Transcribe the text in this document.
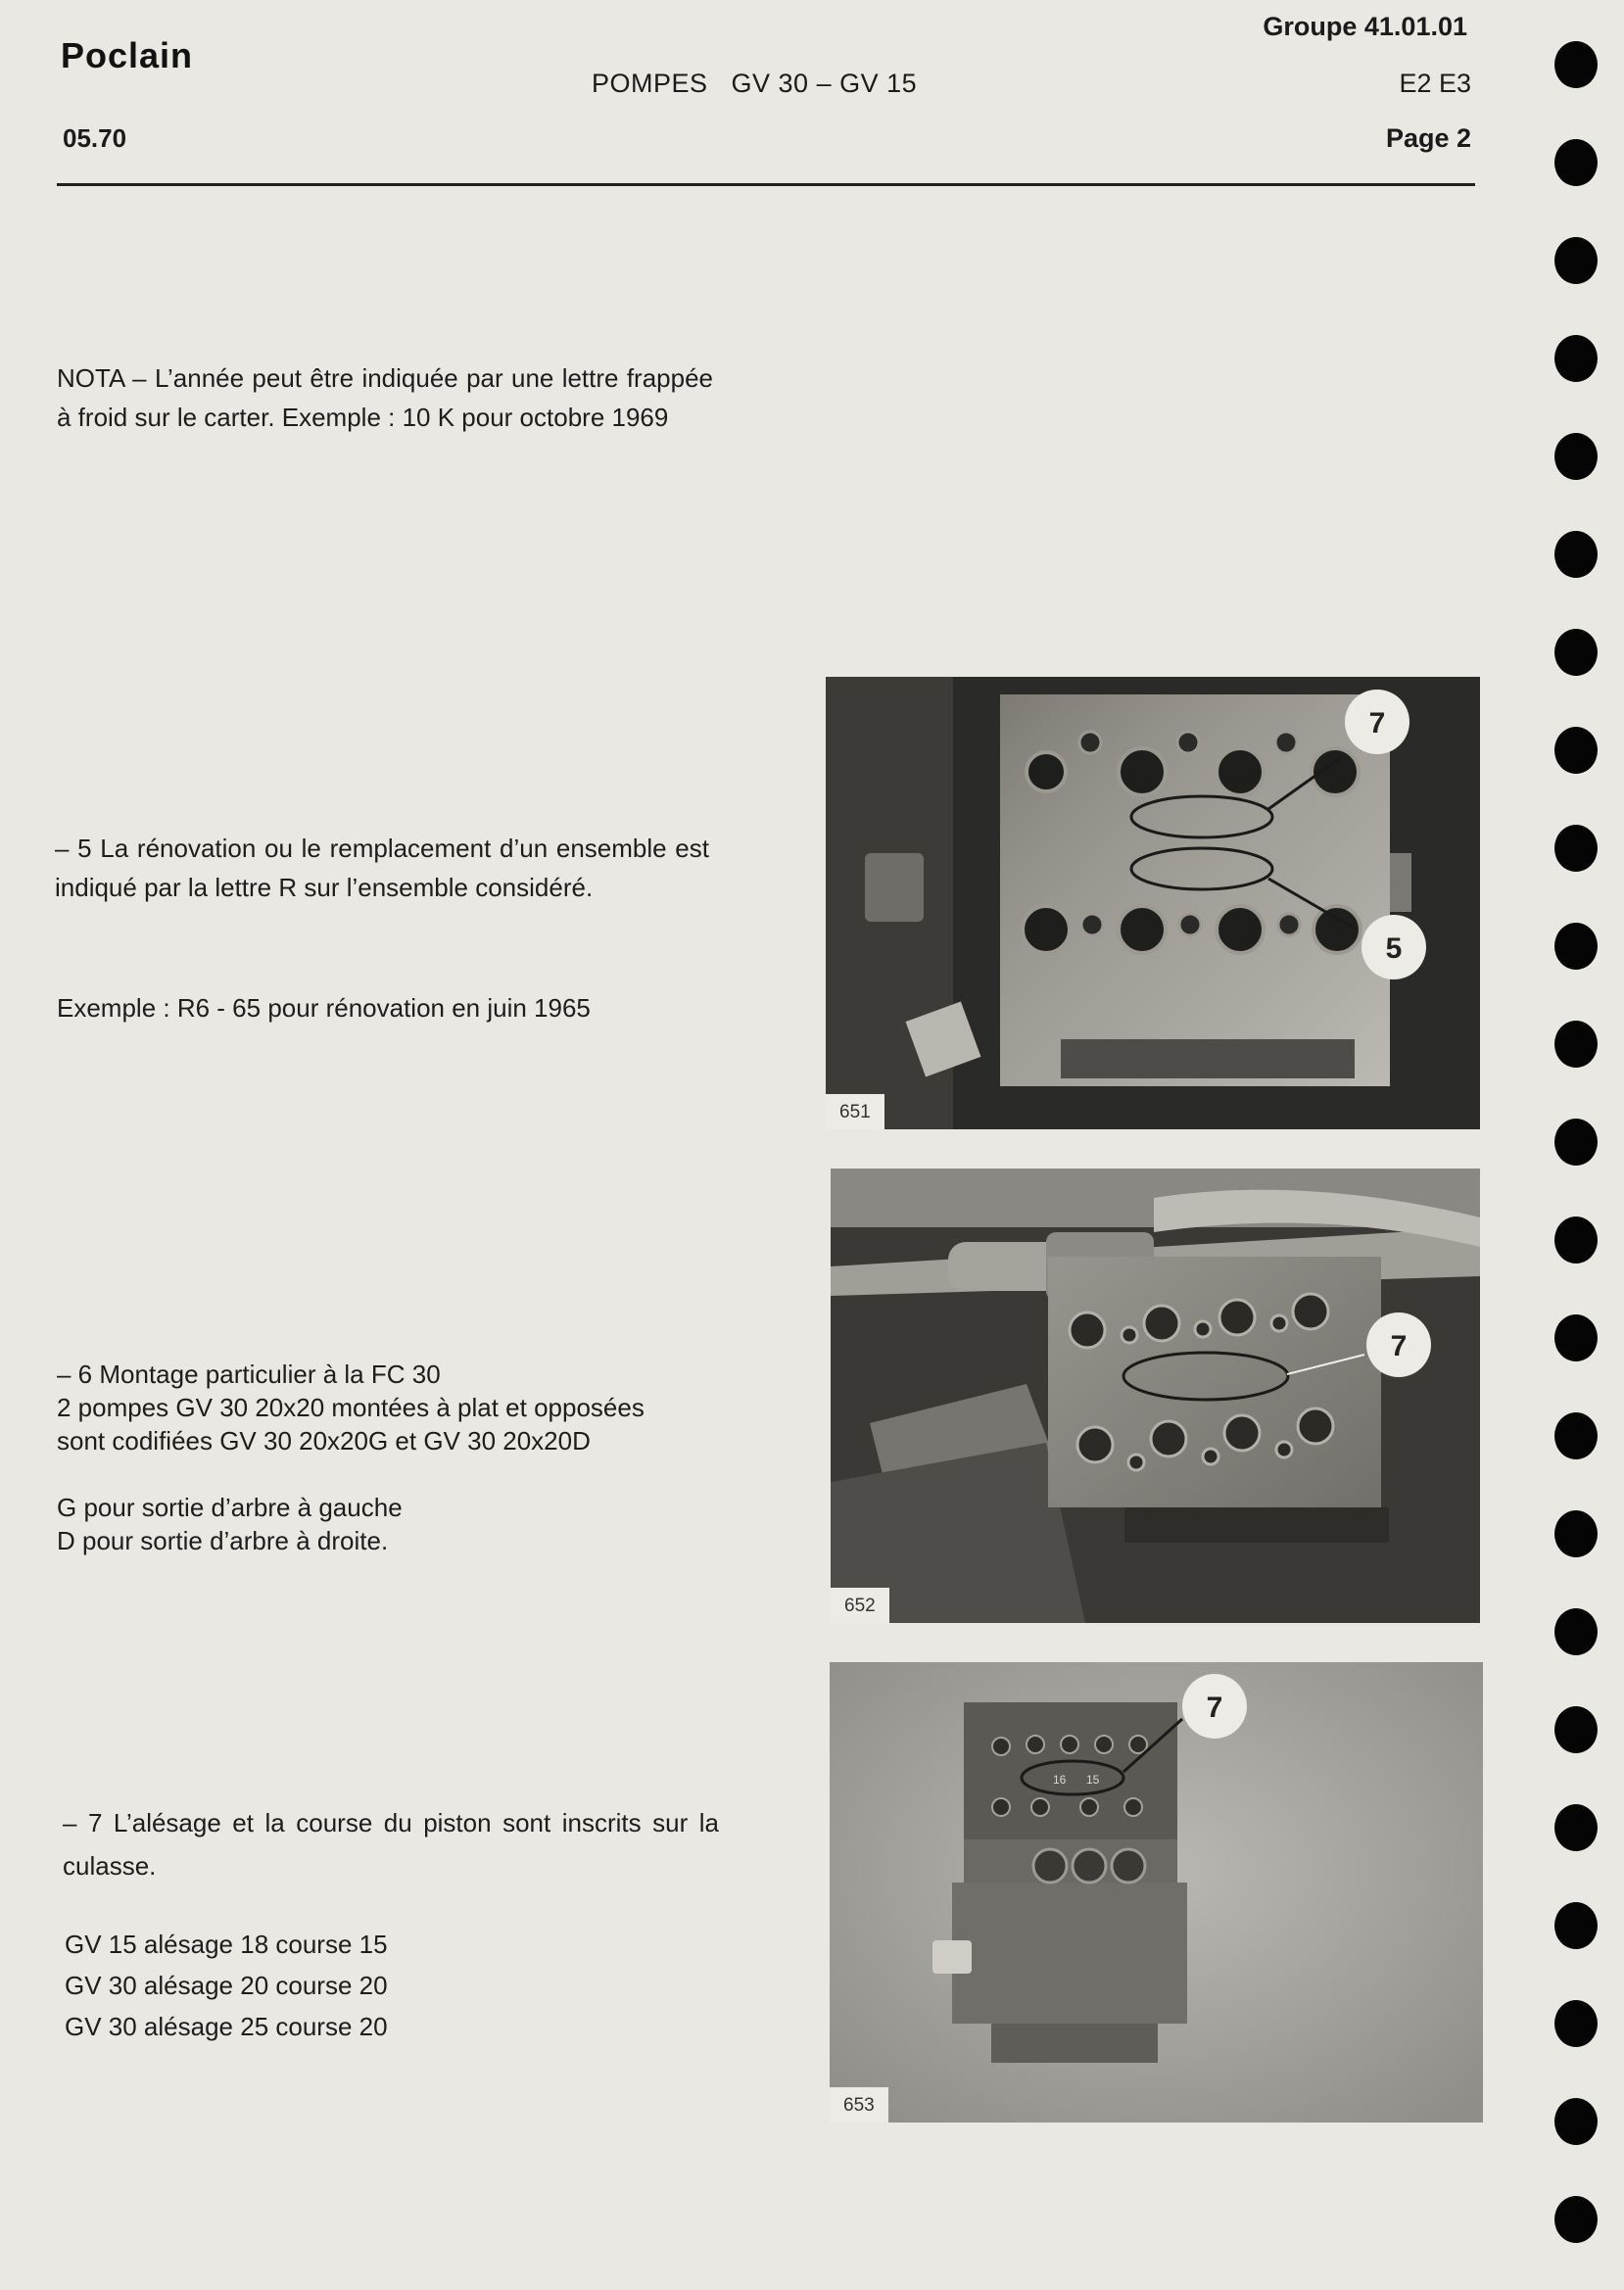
Poclain
05.70
POMPES   GV 30 – GV 15
Groupe 41.01.01
E2 E3
Page 2
NOTA – L’année peut être indiquée par une lettre frappée à froid sur le carter. Exemple : 10 K pour octobre 1969
– 5 La rénovation ou le remplacement d’un ensemble est indiqué par la lettre R sur l’ensemble considéré.
Exemple : R6 - 65 pour rénovation en juin 1965
– 6 Montage particulier à la FC 30
2 pompes GV 30 20x20 montées à plat et opposées
sont codifiées GV 30 20x20G et GV 30 20x20D
G pour sortie d’arbre à gauche
D pour sortie d’arbre à droite.
– 7 L’alésage et la course du piston sont inscrits sur la culasse.
GV 15 alésage 18 course 15
GV 30 alésage 20 course 20
GV 30 alésage 25 course 20
7
5
651
7
652
16 15
7
653
